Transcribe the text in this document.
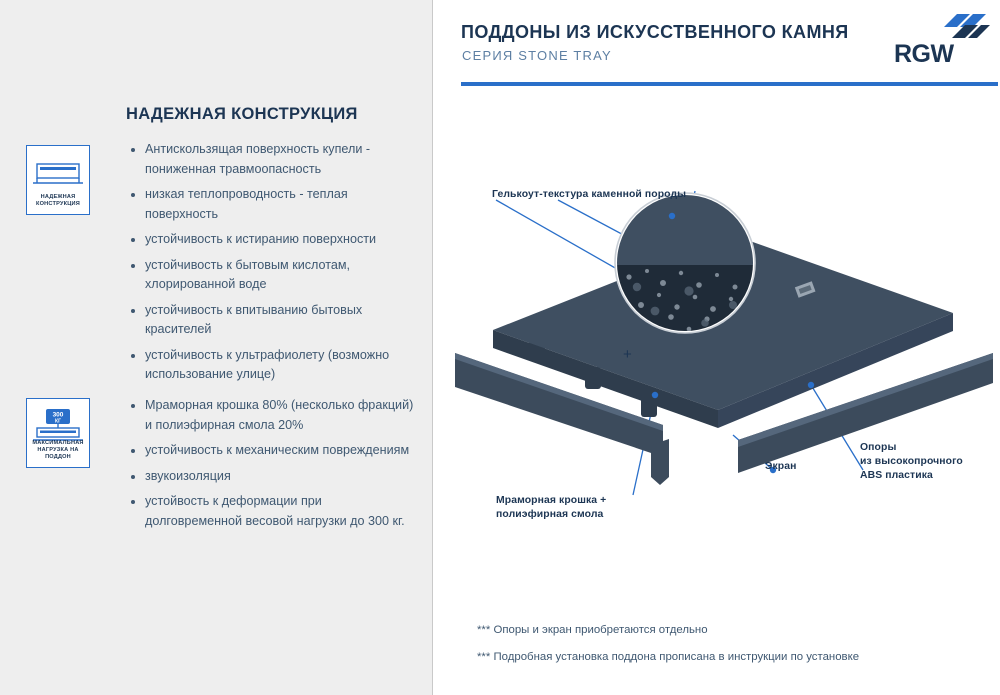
ПОДДОНЫ ИЗ ИСКУССТВЕННОГО КАМНЯ
СЕРИЯ STONE TRAY	RGW
НАДЕЖНАЯ КОНСТРУКЦИЯ
НАДЕЖНАЯ
КОНСТРУКЦИЯ
300
КГ
МАКСИМАЛЬНАЯ
НАГРУЗКА НА ПОДДОН
Антискользящая поверхность купели - пониженная травмоопасность
низкая теплопроводность - теплая поверхность
устойчивость к истиранию поверхности
устойчивость к бытовым кислотам, хлорированной воде
устойчивость к впитыванию бытовых красителей
устойчивость к ультрафиолету (возможно использование улице)
Мраморная крошка 80% (несколько фракций) и полиэфирная смола 20%
устойчивость к механическим повреждениям
звукоизоляция
устойвость к деформации при долговременной весовой нагрузки до 300 кг.
+
Гелькоут-текстура каменной породы
Мраморная крошка +
полиэфирная смола
Экран
Опоры
из высокопрочного
ABS пластика
*** Опоры и экран приобретаются отдельно
*** Подробная установка поддона прописана в инструкции по установке
